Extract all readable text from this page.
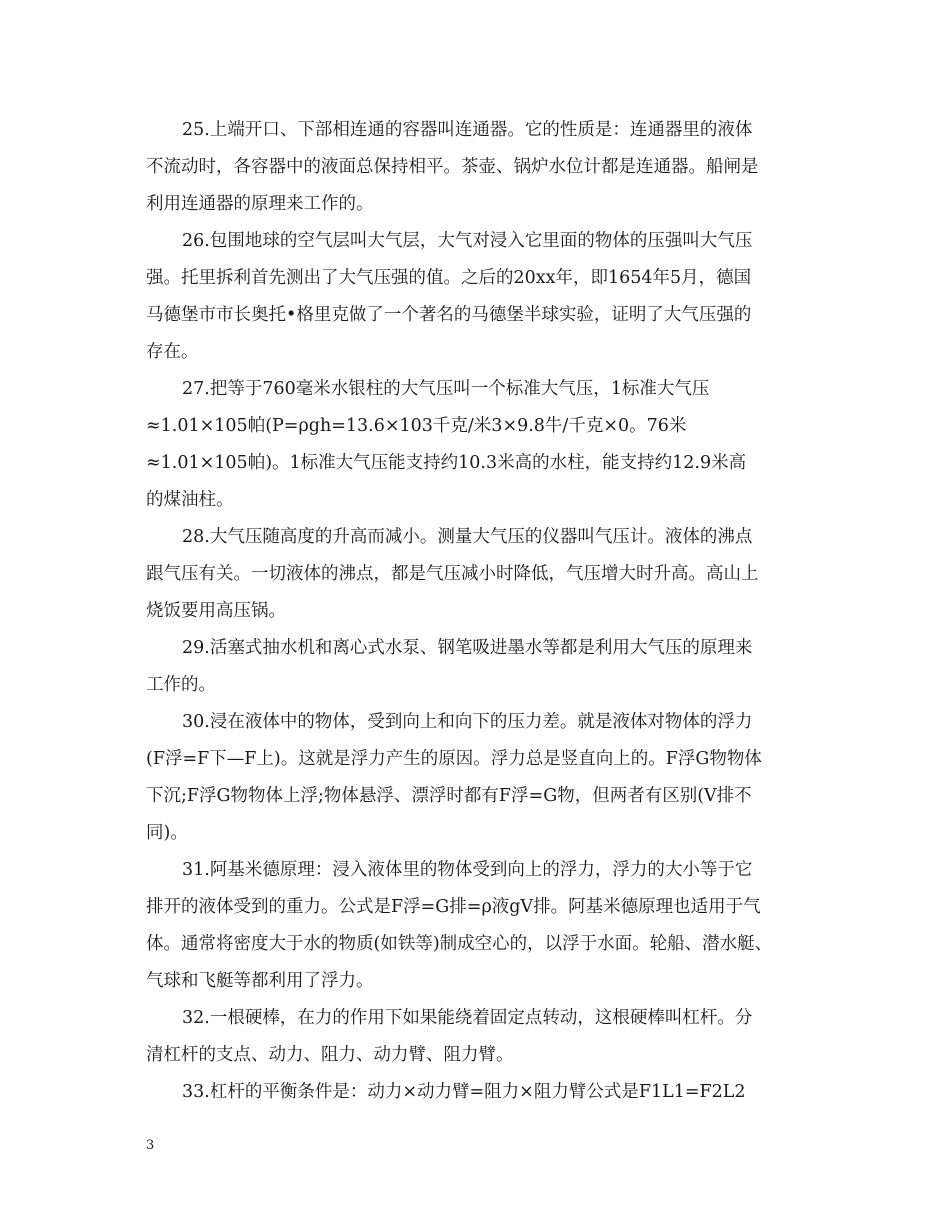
25.上端开口、下部相连通的容器叫连通器。它的性质是：连通器里的液体
不流动时，各容器中的液面总保持相平。茶壶、锅炉水位计都是连通器。船闸是
利用连通器的原理来工作的。

26.包围地球的空气层叫大气层，大气对浸入它里面的物体的压强叫大气压
强。托里拆利首先测出了大气压强的值。之后的20xx年，即1654年5月，德国
马德堡市市长奥托•格里克做了一个著名的马德堡半球实验，证明了大气压强的
存在。

27.把等于760毫米水银柱的大气压叫一个标准大气压，1标准大气压
≈1.01×105帕(P=ρgh=13.6×103千克/米3×9.8牛/千克×0。76米
≈1.01×105帕)。1标准大气压能支持约10.3米高的水柱，能支持约12.9米高
的煤油柱。

28.大气压随高度的升高而减小。测量大气压的仪器叫气压计。液体的沸点
跟气压有关。一切液体的沸点，都是气压减小时降低，气压增大时升高。高山上
烧饭要用高压锅。

29.活塞式抽水机和离心式水泵、钢笔吸进墨水等都是利用大气压的原理来
工作的。

30.浸在液体中的物体，受到向上和向下的压力差。就是液体对物体的浮力
(F浮=F下—F上)。这就是浮力产生的原因。浮力总是竖直向上的。F浮G物物体
下沉;F浮G物物体上浮;物体悬浮、漂浮时都有F浮=G物，但两者有区别(V排不
同)。

31.阿基米德原理：浸入液体里的物体受到向上的浮力，浮力的大小等于它
排开的液体受到的重力。公式是F浮=G排=ρ液gV排。阿基米德原理也适用于气
体。通常将密度大于水的物质(如铁等)制成空心的，以浮于水面。轮船、潜水艇、
气球和飞艇等都利用了浮力。

32.一根硬棒，在力的作用下如果能绕着固定点转动，这根硬棒叫杠杆。分
清杠杆的支点、动力、阻力、动力臂、阻力臂。

33.杠杆的平衡条件是：动力×动力臂=阻力×阻力臂公式是F1L1=F2L2

3
